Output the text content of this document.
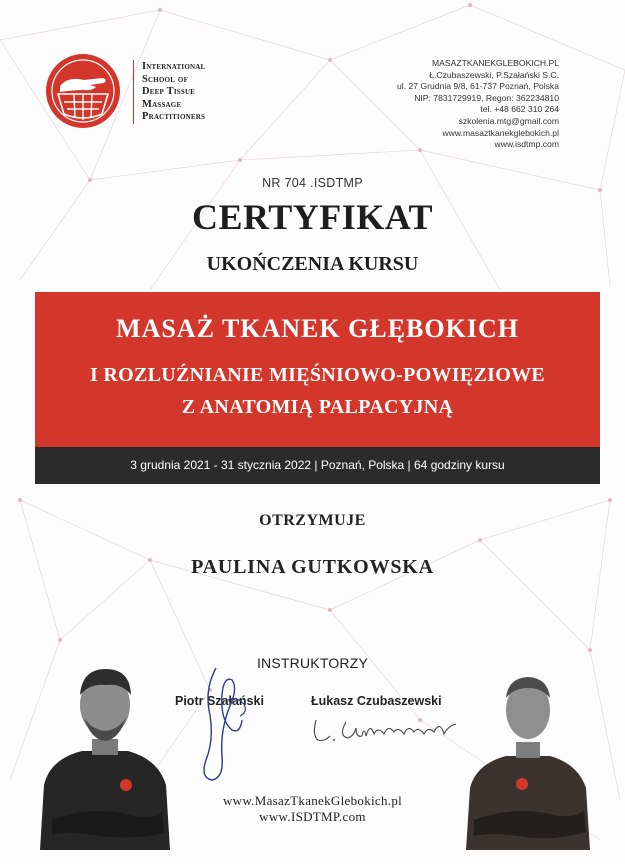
International
School of
Deep Tissue
Massage
Practitioners
MASAZTKANEKGLEBOKICH.PL
Ł.Czubaszewski, P.Szałański S.C.
ul. 27 Grudnia 9/8, 61-737 Poznań, Polska
NIP: 7831729919, Regon: 362234810
tel. +48 662 310 264
szkolenia.mtg@gmail.com
www.masaztkanekglebokich.pl
www.isdtmp.com
NR 704 .ISDTMP
CERTYFIKAT
UKOŃCZENIA KURSU
MASAŻ TKANEK GŁĘBOKICH
I ROZLUŹNIANIE MIĘŚNIOWO-POWIĘZIOWE
Z ANATOMIĄ PALPACYJNĄ
3 grudnia 2021 - 31 stycznia 2022 | Poznań, Polska | 64 godziny kursu
OTRZYMUJE
PAULINA GUTKOWSKA
INSTRUKTORZY
Piotr Szałański	Łukasz Czubaszewski
www.MasazTkanekGlebokich.pl
www.ISDTMP.com
